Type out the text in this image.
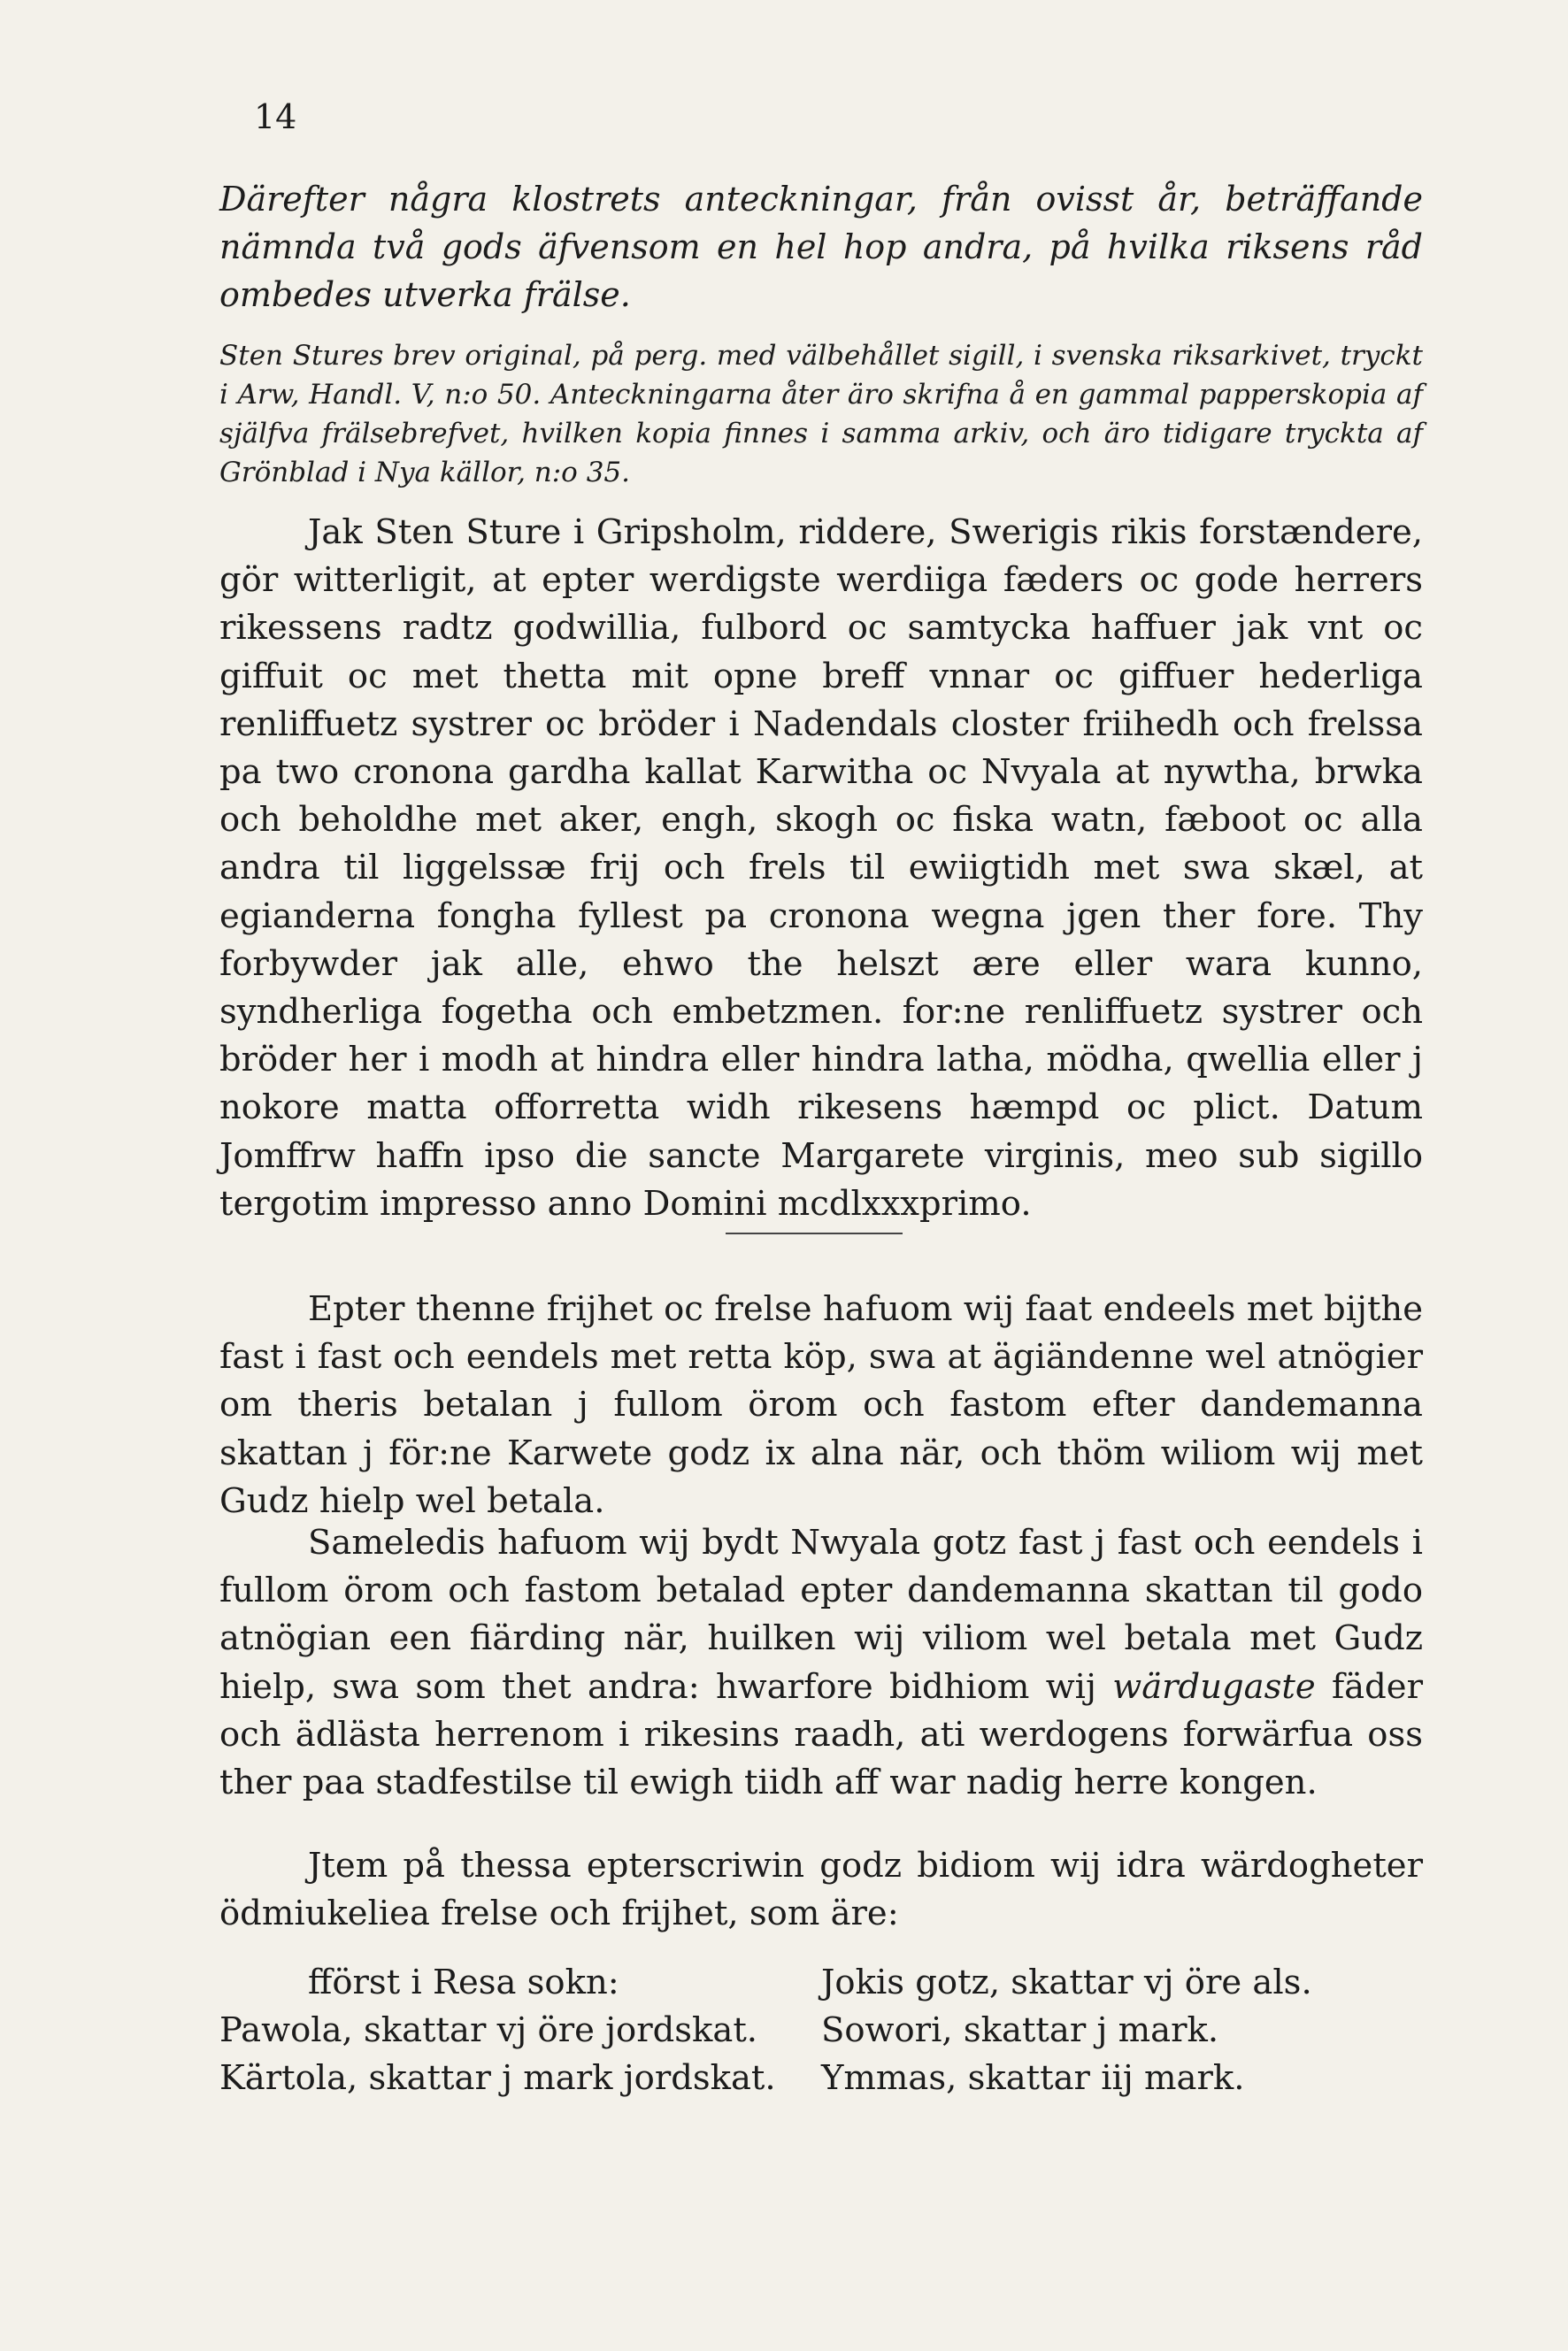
14
Därefter några klostrets anteckningar, från ovisst år, beträffande nämnda två gods äfvensom en hel hop andra, på hvilka riksens råd ombedes utverka frälse.
Sten Stures brev original, på perg. med välbehållet sigill, i svenska riksarkivet, tryckt i Arw, Handl. V, n:o 50. Anteckningarna åter äro skrifna å en gammal papperskopia af själfva frälsebrefvet, hvilken kopia finnes i samma arkiv, och äro tidigare tryckta af Grönblad i Nya källor, n:o 35.
Jak Sten Sture i Gripsholm, riddere, Swerigis rikis forstændere, gör witterligit, at epter werdigste werdiiga fæders oc gode herrers rikessens radtz godwillia, fulbord oc samtycka haffuer jak vnt oc giffuit oc met thetta mit opne breff vnnar oc giffuer hederliga renliffuetz systrer oc bröder i Nadendals closter friihedh och frelssa pa two cronona gardha kallat Karwitha oc Nvyala at nywtha, brwka och beholdhe met aker, engh, skogh oc fiska watn, fæboot oc alla andra til liggelssæ frij och frels til ewiigtidh met swa skæl, at egianderna fongha fyllest pa cronona wegna jgen ther fore. Thy forbywder jak alle, ehwo the helszt ære eller wara kunno, syndherliga fogetha och embetzmen. for:ne renliffuetz systrer och bröder her i modh at hindra eller hindra latha, mödha, qwellia eller j nokore matta offorretta widh rikesens hæmpd oc plict. Datum Jomffrw haffn ipso die sancte Margarete virginis, meo sub sigillo tergotim impresso anno Domini mcdlxxxprimo.

Epter thenne frijhet oc frelse hafuom wij faat endeels met bijthe fast i fast och eendels met retta köp, swa at ägiändenne wel atnögier om theris betalan j fullom örom och fastom efter dandemanna skattan j för:ne Karwete godz ix alna när, och thöm wiliom wij met Gudz hielp wel betala.

Sameledis hafuom wij bydt Nwyala gotz fast j fast och eendels i fullom örom och fastom betalad epter dandemanna skattan til godo atnögian een fiärding när, huilken wij viliom wel betala met Gudz hielp, swa som thet andra: hwarfore bidhiom wij wärdugaste fäder och ädlästa herrenom i rikesins raadh, ati werdogens forwärfua oss ther paa stadfestilse til ewigh tiidh aff war nadig herre kongen.

Jtem på thessa epterscriwin godz bidiom wij idra wärdogheter ödmiukeliea frelse och frijhet, som äre:

fförst i Resa sokn:	Jokis gotz, skattar vj öre als.
Pawola, skattar vj öre jordskat.	Sowori, skattar j mark.
Kärtola, skattar j mark jordskat.	Ymmas, skattar iij mark.
